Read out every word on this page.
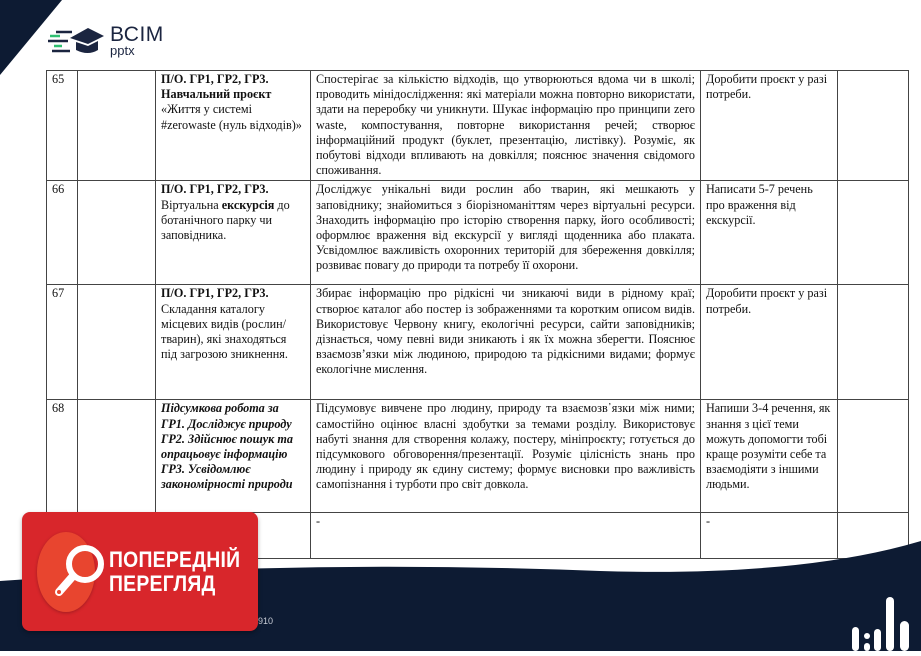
ВСІМ
pptx
65		П/О. ГР1, ГР2, ГР3. Навчальний проєкт «Життя у системі #zerowaste (нуль відходів)»	Спостерігає за кількістю відходів, що утворюються вдома чи в школі; проводить мінідослідження: які матеріали можна повторно використати, здати на переробку чи уникнути. Шукає інформацію про принципи zero waste, компостування, повторне використання речей; створює інформаційний продукт (буклет, презентацію, листівку). Розуміє, як побутові відходи впливають на довкілля; пояснює значення свідомого споживання.	Доробити проєкт у разі потреби.	
66		П/О. ГР1, ГР2, ГР3. Віртуальна екскурсія до ботанічного парку чи заповідника.	Досліджує унікальні види рослин або тварин, які мешкають у заповіднику; знайомиться з біорізноманіттям через віртуальні ресурси. Знаходить інформацію про історію створення парку, його особливості; оформлює враження від екскурсії у вигляді щоденника або плаката. Усвідомлює важливість охоронних територій для збереження довкілля; розвиває повагу до природи та потребу її охорони.	Написати 5-7 речень про враження від екскурсії.	
67		П/О. ГР1, ГР2, ГР3. Складання каталогу місцевих видів (рослин/тварин), які знаходяться під загрозою зникнення.	Збирає інформацію про рідкісні чи зникаючі види в рідному краї; створює каталог або постер із зображеннями та коротким описом видів. Використовує Червону книгу, екологічні ресурси, сайти заповідників; дізнається, чому певні види зникають і як їх можна зберегти. Пояснює взаємозв’язки між людиною, природою та рідкісними видами; формує екологічне мислення.	Доробити проєкт у разі потреби.	
68		Підсумкова робота за ГР1. Досліджує природу ГР2. Здійснює пошук та опрацьовує інформацію ГР3. Усвідомлює закономірності природи	Підсумовує вивчене про людину, природу та взаємозв᾿язки між ними; самостійно оцінює власні здобутки за темами розділу. Використовує набуті знання для створення колажу, постеру, мініпроєкту; готується до підсумкового обговорення/презентації. Розуміє цілісність знань про людину і природу як єдину систему; формує висновки про важливість самопізнання і турботи про світ довкола.	Напиши 3-4 речення, як знання з цієї теми можуть допомогти тобі краще розуміти себе та взаємодіяти з іншими людьми.	
			-	-	
910
ПОПЕРЕДНІЙ
ПЕРЕГЛЯД
